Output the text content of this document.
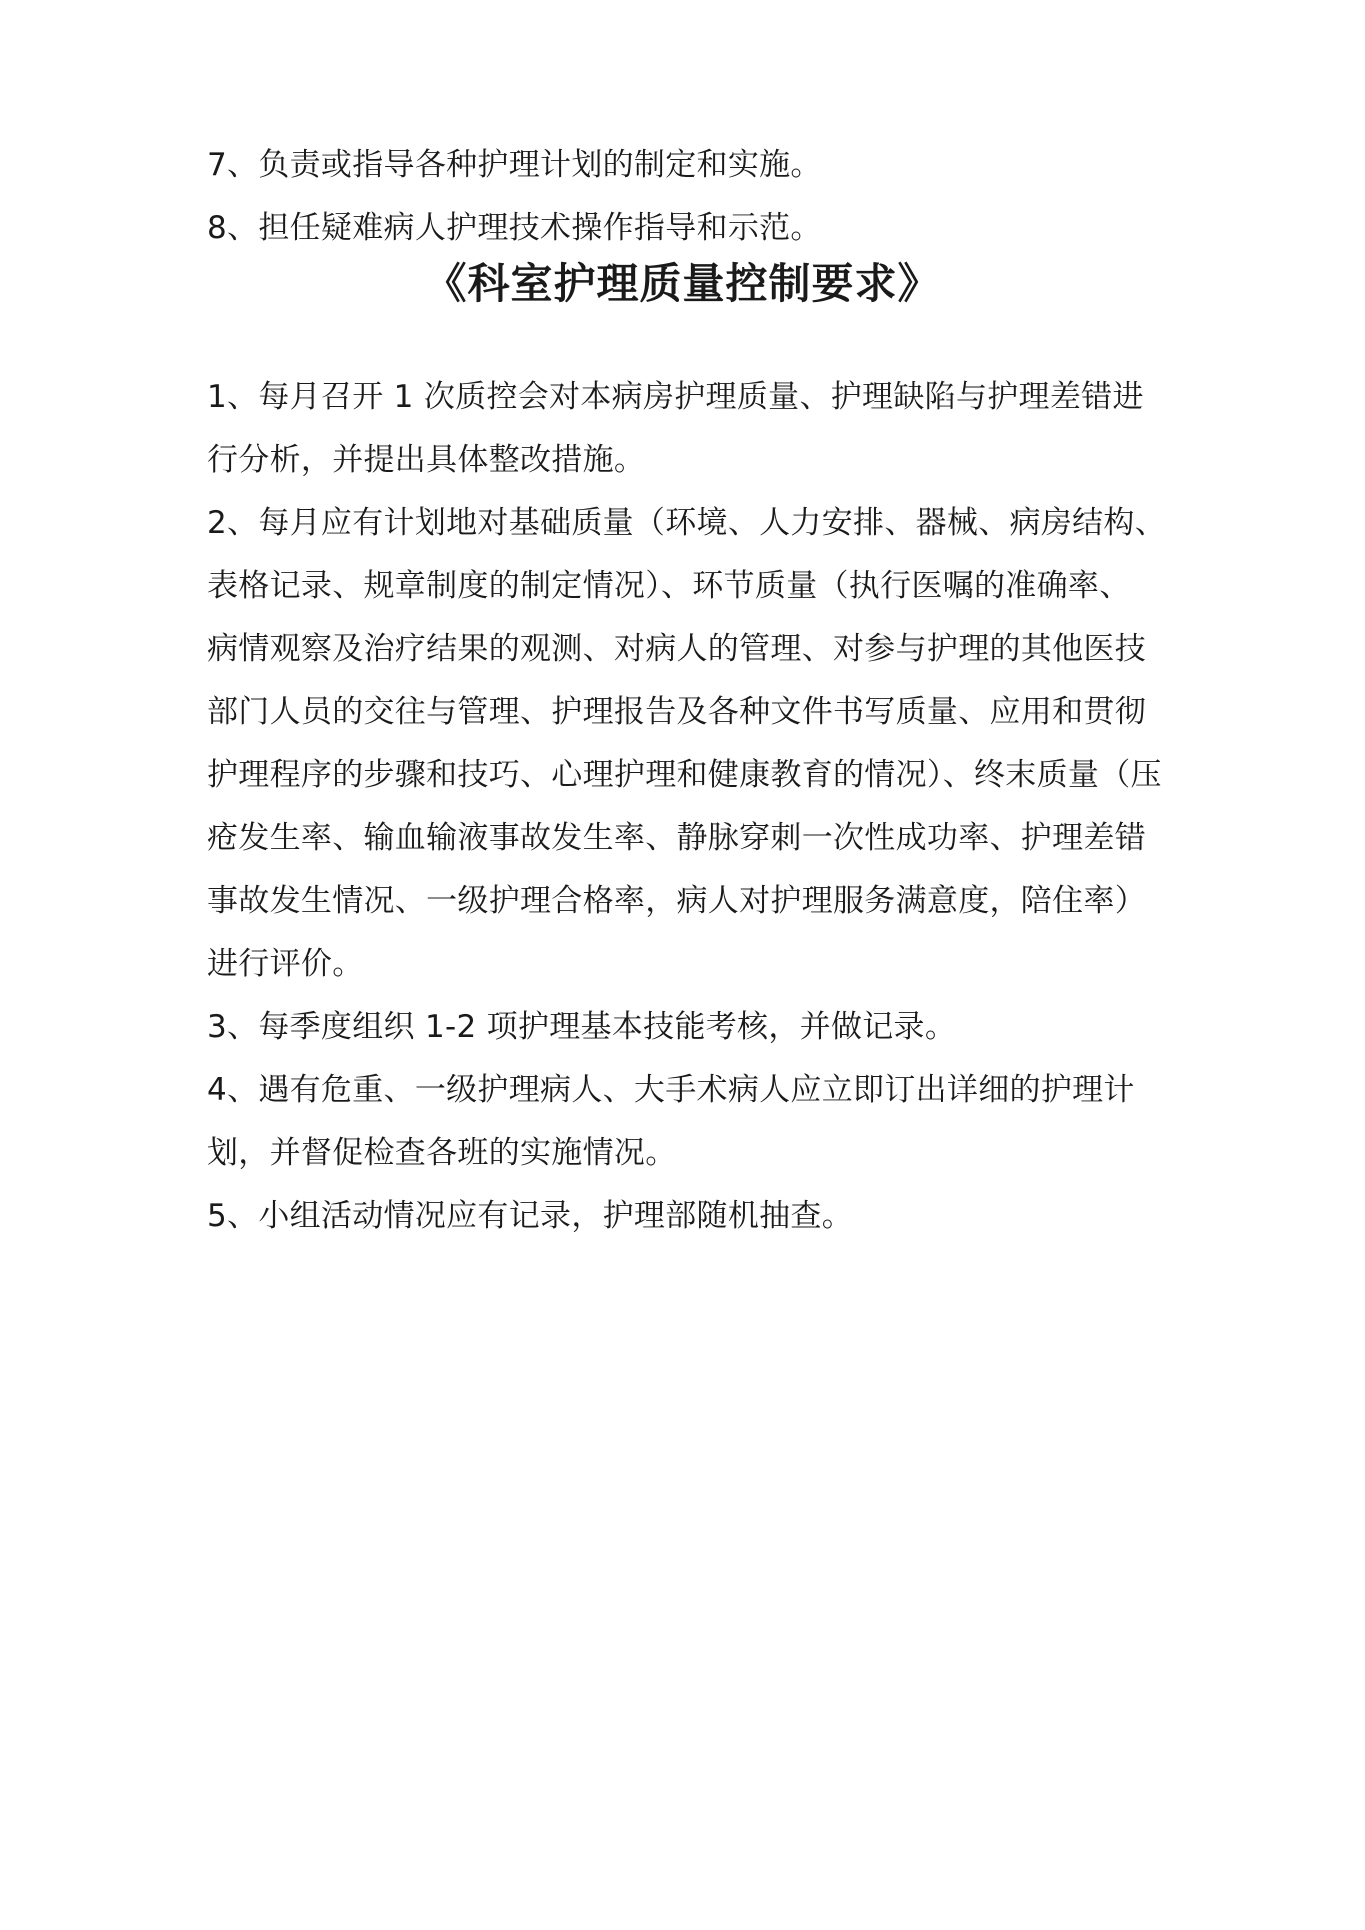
7、负责或指导各种护理计划的制定和实施。
8、担任疑难病人护理技术操作指导和示范。
《科室护理质量控制要求》
1、每月召开 1 次质控会对本病房护理质量、护理缺陷与护理差错进
行分析，并提出具体整改措施。
2、每月应有计划地对基础质量（环境、人力安排、器械、病房结构、
表格记录、规章制度的制定情况）、环节质量（执行医嘱的准确率、
病情观察及治疗结果的观测、对病人的管理、对参与护理的其他医技
部门人员的交往与管理、护理报告及各种文件书写质量、应用和贯彻
护理程序的步骤和技巧、心理护理和健康教育的情况）、终末质量（压
疮发生率、输血输液事故发生率、静脉穿刺一次性成功率、护理差错
事故发生情况、一级护理合格率，病人对护理服务满意度，陪住率）
进行评价。
3、每季度组织 1-2 项护理基本技能考核，并做记录。
4、遇有危重、一级护理病人、大手术病人应立即订出详细的护理计
划，并督促检查各班的实施情况。
5、小组活动情况应有记录，护理部随机抽查。
